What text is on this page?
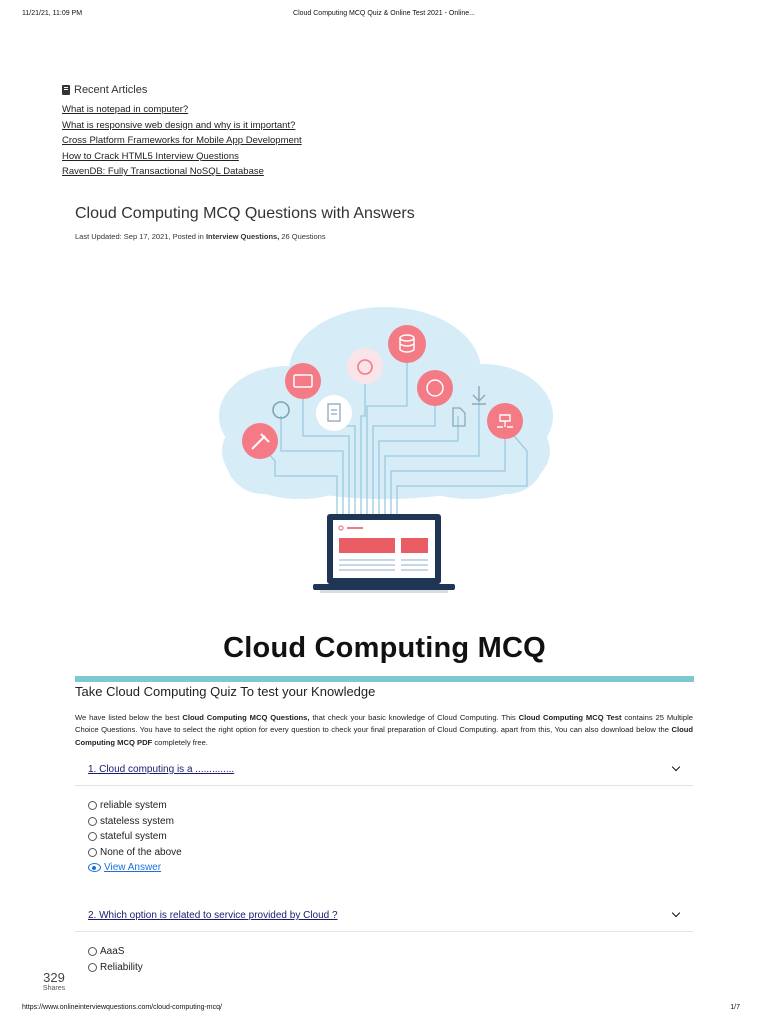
11/21/21, 11:09 PM	Cloud Computing MCQ Quiz & Online Test 2021 - Online...
Recent Articles
What is notepad in computer?
What is responsive web design and why is it important?
Cross Platform Frameworks for Mobile App Development
How to Crack HTML5 Interview Questions
RavenDB: Fully Transactional NoSQL Database
Cloud Computing MCQ Questions with Answers
Last Updated: Sep 17, 2021, Posted in Interview Questions, 26 Questions
Cloud Computing MCQ
Take Cloud Computing Quiz To test your Knowledge

We have listed below the best Cloud Computing MCQ Questions, that check your basic knowledge of Cloud Computing. This Cloud Computing MCQ Test contains 25 Multiple Choice Questions. You have to select the right option for every question to check your final preparation of Cloud Computing. apart from this, You can also download below the Cloud Computing MCQ PDF completely free.

1. Cloud computing is a ..............
reliable system
stateless system
stateful system
None of the above
View Answer
2. Which option is related to service provided by Cloud ?
AaaS
Reliability
329
Shares
https://www.onlineinterviewquestions.com/cloud-computing-mcq/	1/7
